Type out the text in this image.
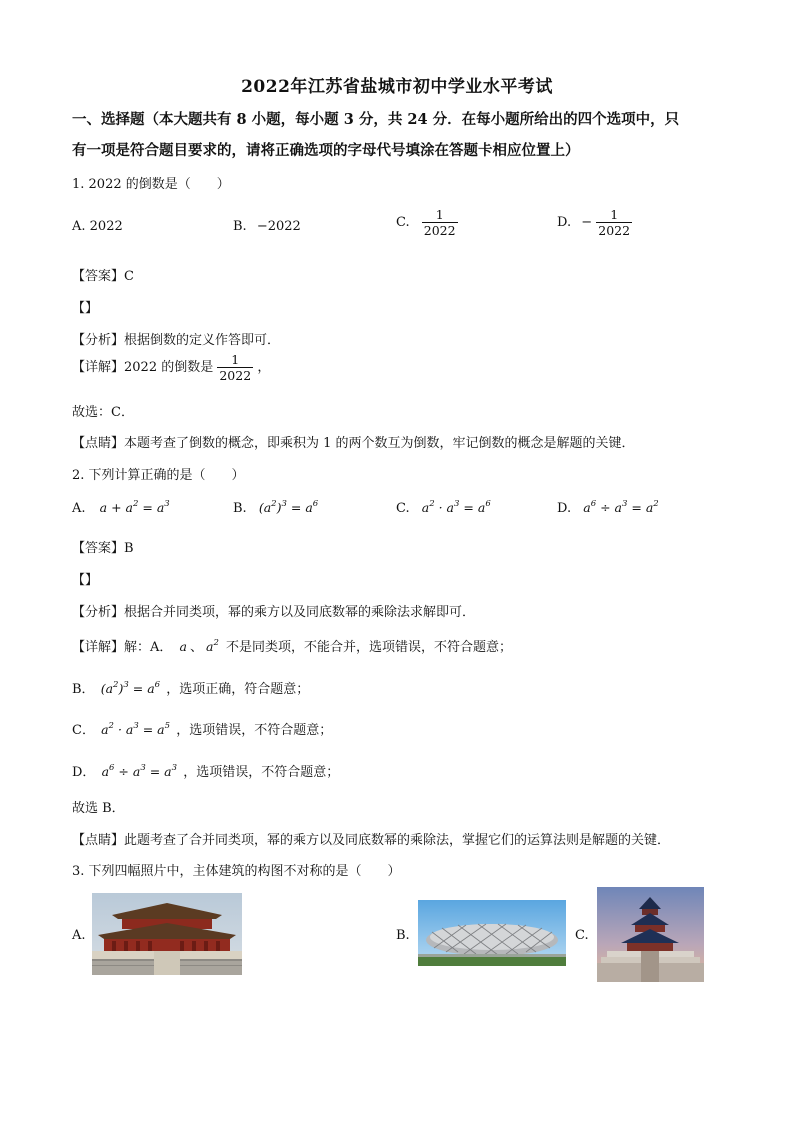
2022年江苏省盐城市初中学业水平考试
一、选择题（本大题共有 8 小题，每小题 3 分，共 24 分．在每小题所给出的四个选项中，只
有一项是符合题目要求的，请将正确选项的字母代号填涂在答题卡相应位置上）
1. 2022 的倒数是（　　）
A. 2022	B. −2022	C. $\frac{1}{2022}$	D. − $\frac{1}{2022}$
【答案】C
【】
【分析】根据倒数的定义作答即可．
【详解】2022 的倒数是 $\frac{1}{2022}$ ，
故选：C．
【点睛】本题考查了倒数的概念，即乘积为 1 的两个数互为倒数，牢记倒数的概念是解题的关键．
2. 下列计算正确的是（　　）
A. $a + a^2 = a^3$	B. $(a^2)^3 = a^6$	C. $a^2 \cdot a^3 = a^6$	D. $a^6 \div a^3 = a^2$
【答案】B
【】
【分析】根据合并同类项，幂的乘方以及同底数幂的乘除法求解即可．
【详解】解：A． a 、 $a^2$ 不是同类项，不能合并，选项错误，不符合题意；
B． $(a^2)^3 = a^6$ ，选项正确，符合题意；
C． $a^2 \cdot a^3 = a^5$ ，选项错误，不符合题意；
D． $a^6 \div a^3 = a^3$ ，选项错误，不符合题意；
故选 B．
【点睛】此题考查了合并同类项，幂的乘方以及同底数幂的乘除法，掌握它们的运算法则是解题的关键．
3. 下列四幅照片中，主体建筑的构图不对称的是（　　）
A.	B.	C.
